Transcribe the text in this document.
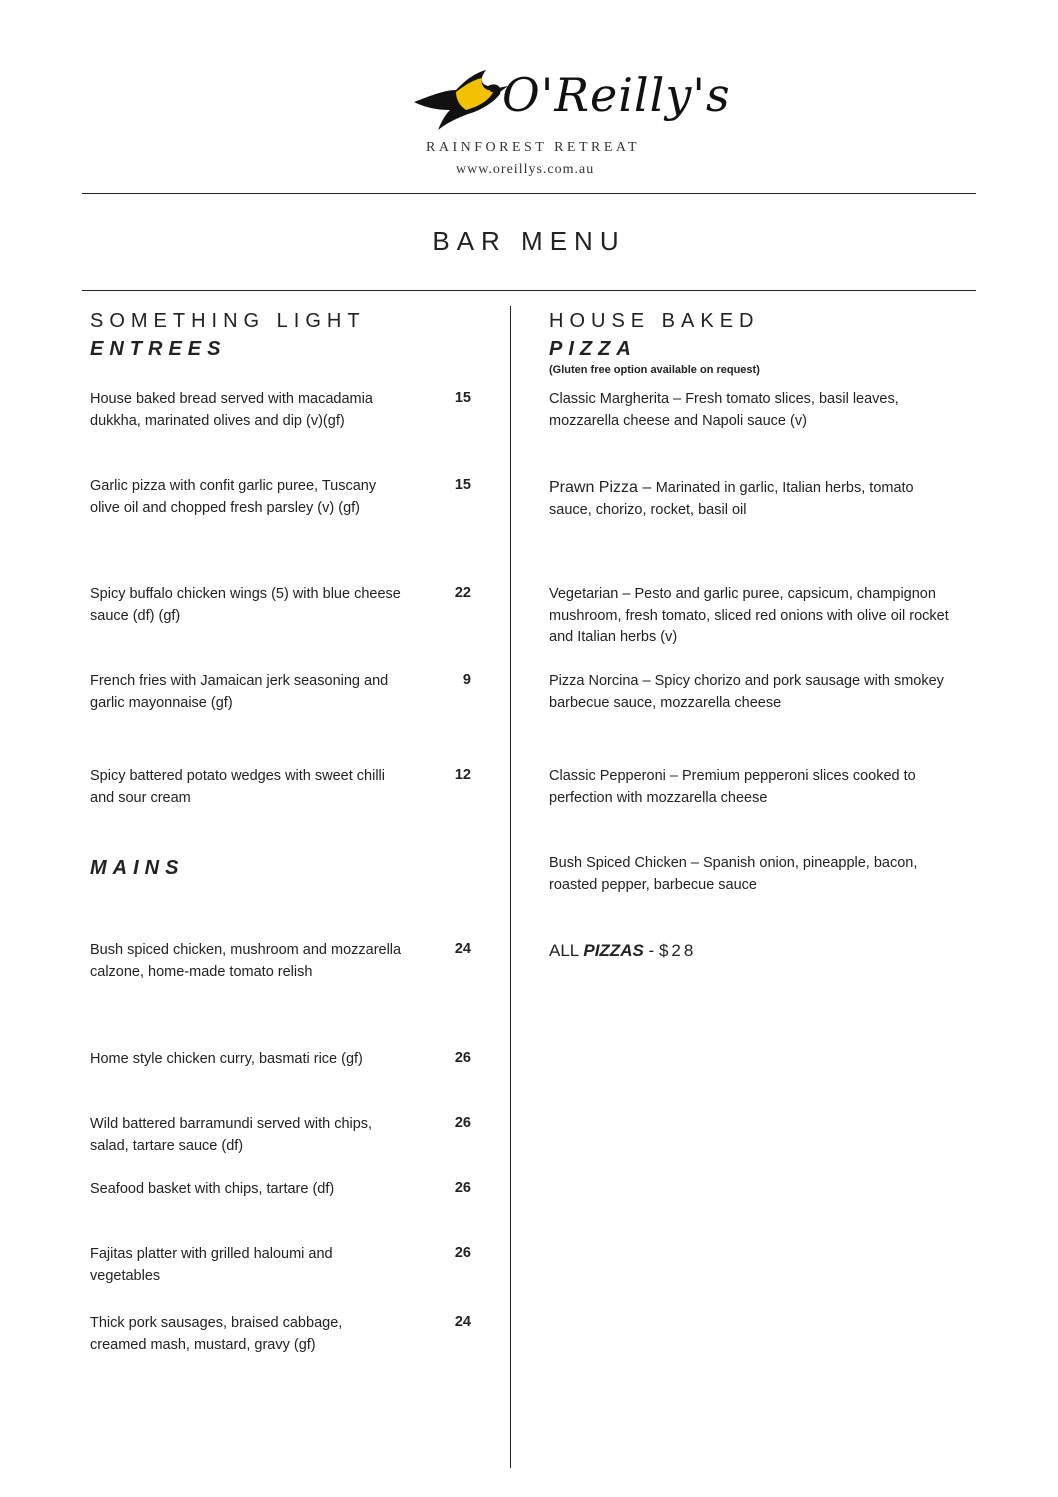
O'Reilly's
RAINFOREST RETREAT
www.oreillys.com.au
BAR MENU
SOMETHING LIGHT
ENTREES
House baked bread served with macadamia dukkha, marinated olives and dip (v)(gf)
15
Garlic pizza with confit garlic puree, Tuscany olive oil and chopped fresh parsley (v) (gf)
15
Spicy buffalo chicken wings (5) with blue cheese sauce (df) (gf)
22
French fries with Jamaican jerk seasoning and garlic mayonnaise (gf)
9
Spicy battered potato wedges with sweet chilli and sour cream
12
MAINS
Bush spiced chicken, mushroom and mozzarella calzone, home-made tomato relish
24
Home style chicken curry, basmati rice (gf)	26
Wild battered barramundi served with chips, salad, tartare sauce (df)
26
Seafood basket with chips, tartare (df)	26
Fajitas platter with grilled haloumi and vegetables
26
Thick pork sausages, braised cabbage, creamed mash, mustard, gravy (gf)
24
HOUSE BAKED
PIZZA
(Gluten free option available on request)
Classic Margherita – Fresh tomato slices, basil leaves, mozzarella cheese and Napoli sauce (v)
Prawn Pizza – Marinated in garlic, Italian herbs, tomato sauce, chorizo, rocket, basil oil
Vegetarian – Pesto and garlic puree, capsicum, champignon mushroom, fresh tomato, sliced red onions with olive oil rocket and Italian herbs (v)
Pizza Norcina – Spicy chorizo and pork sausage with smokey barbecue sauce, mozzarella cheese
Classic Pepperoni – Premium pepperoni slices cooked to perfection with mozzarella cheese
Bush Spiced Chicken – Spanish onion, pineapple, bacon, roasted pepper, barbecue sauce
ALL PIZZAS - $28
